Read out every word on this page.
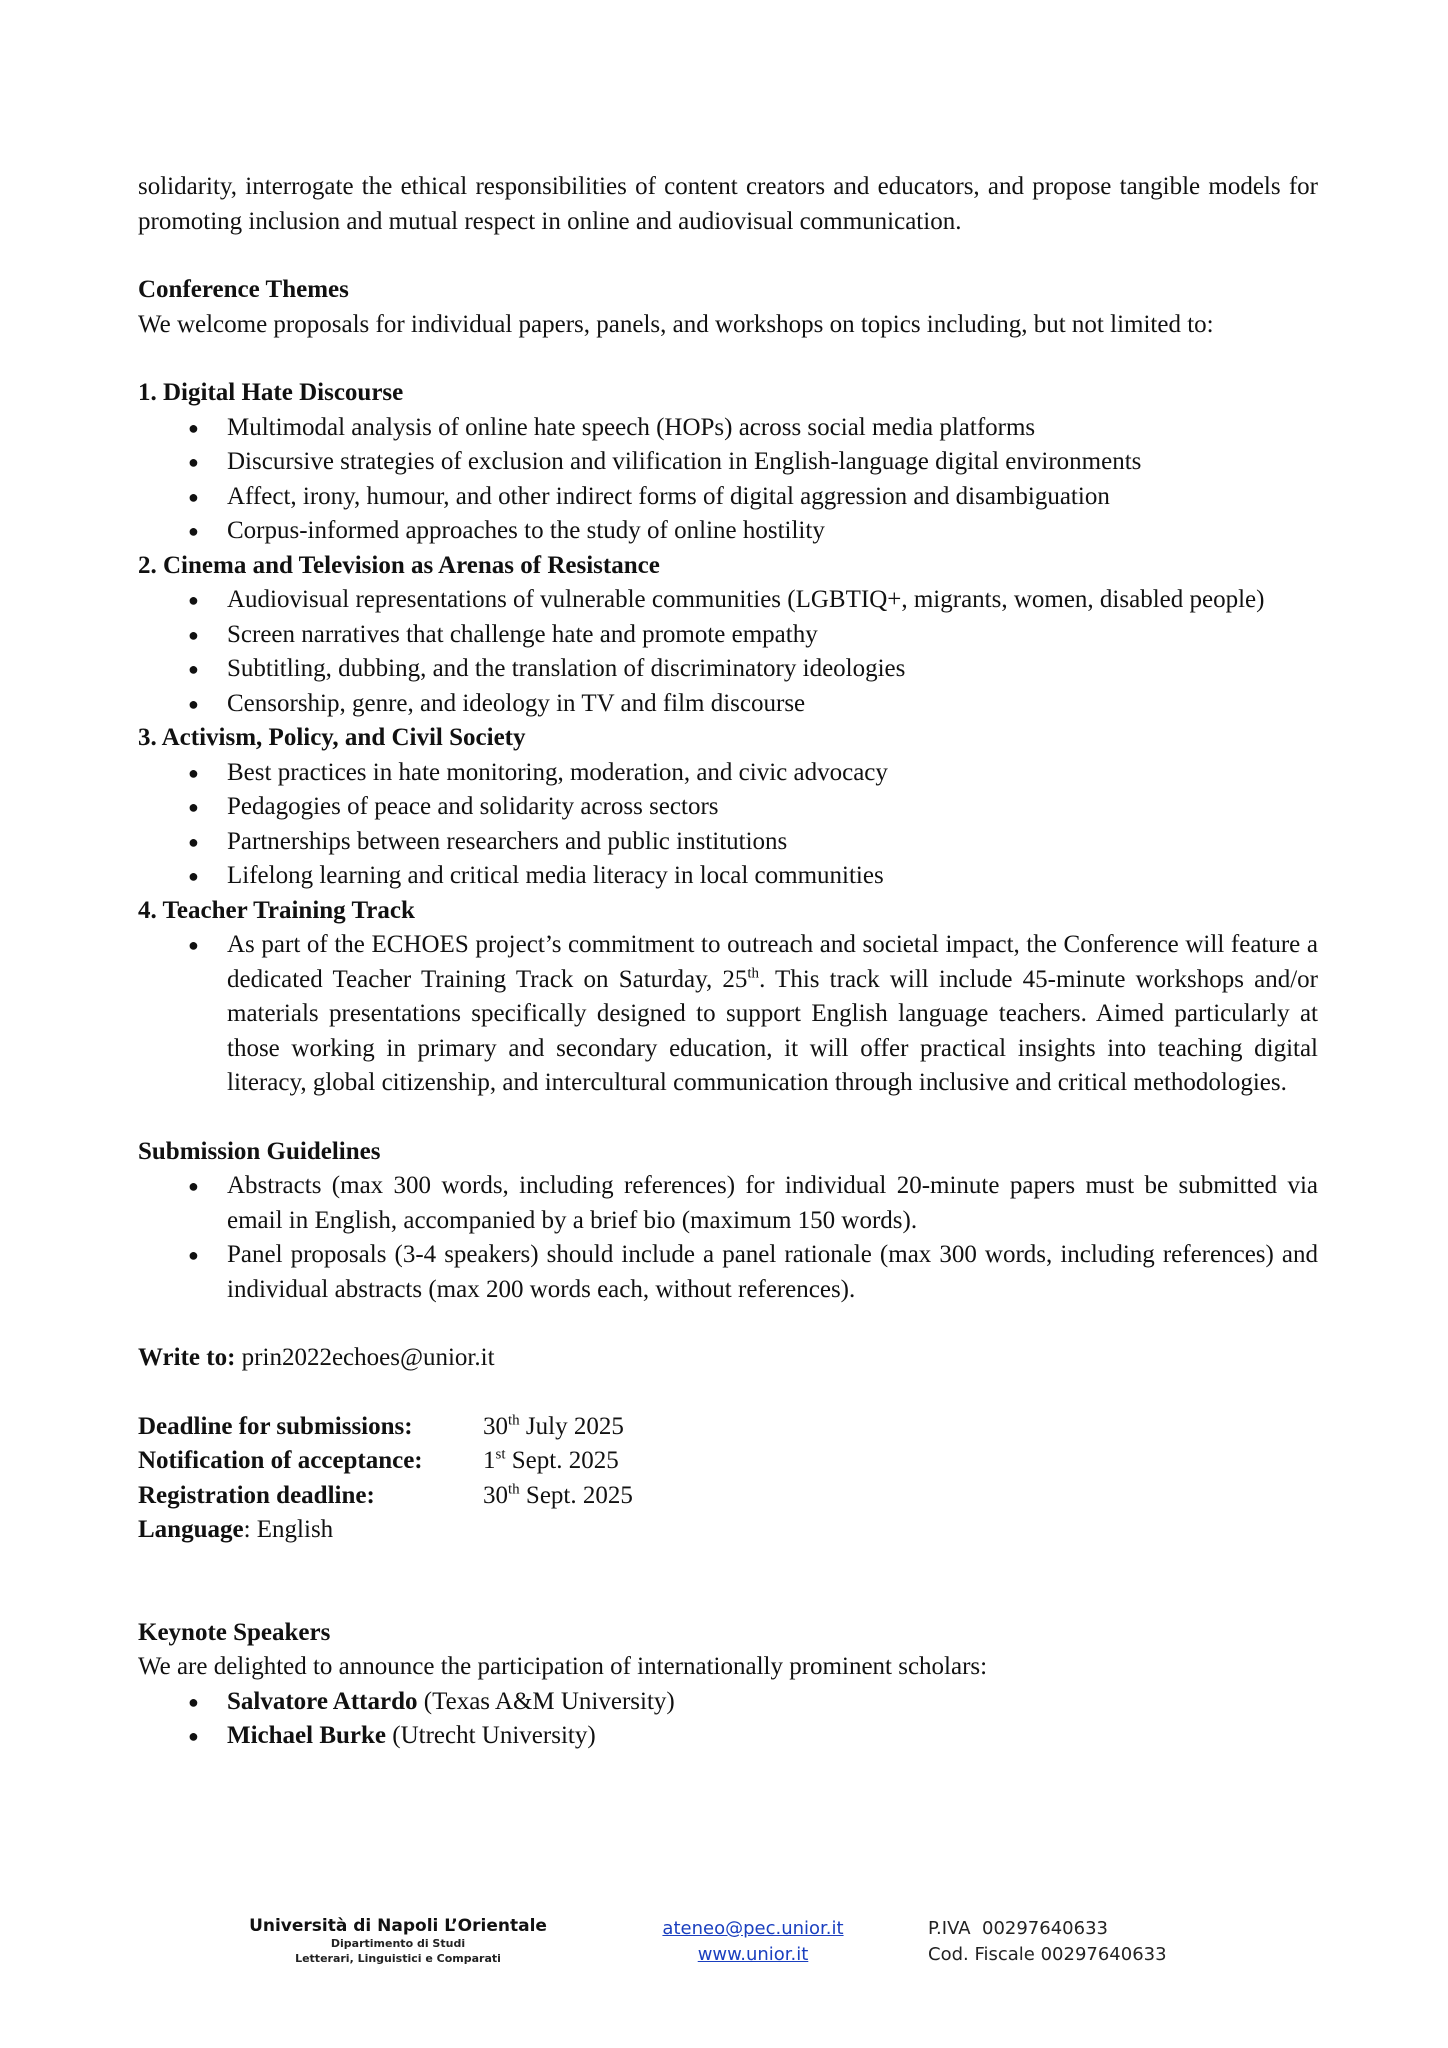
solidarity, interrogate the ethical responsibilities of content creators and educators, and propose tangible models for promoting inclusion and mutual respect in online and audiovisual communication.

Conference Themes

We welcome proposals for individual papers, panels, and workshops on topics including, but not limited to:

1. Digital Hate Discourse

● Multimodal analysis of online hate speech (HOPs) across social media platforms
● Discursive strategies of exclusion and vilification in English-language digital environments
● Affect, irony, humour, and other indirect forms of digital aggression and disambiguation
● Corpus-informed approaches to the study of online hostility

2. Cinema and Television as Arenas of Resistance

● Audiovisual representations of vulnerable communities (LGBTIQ+, migrants, women, disabled people)
● Screen narratives that challenge hate and promote empathy
● Subtitling, dubbing, and the translation of discriminatory ideologies
● Censorship, genre, and ideology in TV and film discourse

3. Activism, Policy, and Civil Society

● Best practices in hate monitoring, moderation, and civic advocacy
● Pedagogies of peace and solidarity across sectors
● Partnerships between researchers and public institutions
● Lifelong learning and critical media literacy in local communities

4. Teacher Training Track

● As part of the ECHOES project’s commitment to outreach and societal impact, the Conference will feature a dedicated Teacher Training Track on Saturday, 25th. This track will include 45-minute workshops and/or materials presentations specifically designed to support English language teachers. Aimed particularly at those working in primary and secondary education, it will offer practical insights into teaching digital literacy, global citizenship, and intercultural communication through inclusive and critical methodologies.

Submission Guidelines

● Abstracts (max 300 words, including references) for individual 20-minute papers must be submitted via email in English, accompanied by a brief bio (maximum 150 words).
● Panel proposals (3-4 speakers) should include a panel rationale (max 300 words, including references) and individual abstracts (max 200 words each, without references).

Write to: prin2022echoes@unior.it

Deadline for submissions:	30th July 2025
Notification of acceptance:	1st Sept. 2025
Registration deadline:	30th Sept. 2025

Language: English

Keynote Speakers

We are delighted to announce the participation of internationally prominent scholars:

● Salvatore Attardo (Texas A&M University)
● Michael Burke (Utrecht University)
Università di Napoli L’Orientale
Dipartimento di Studi
Letterari, Linguistici e Comparati
ateneo@pec.unior.it
www.unior.it
P.IVA  00297640633
Cod. Fiscale 00297640633
